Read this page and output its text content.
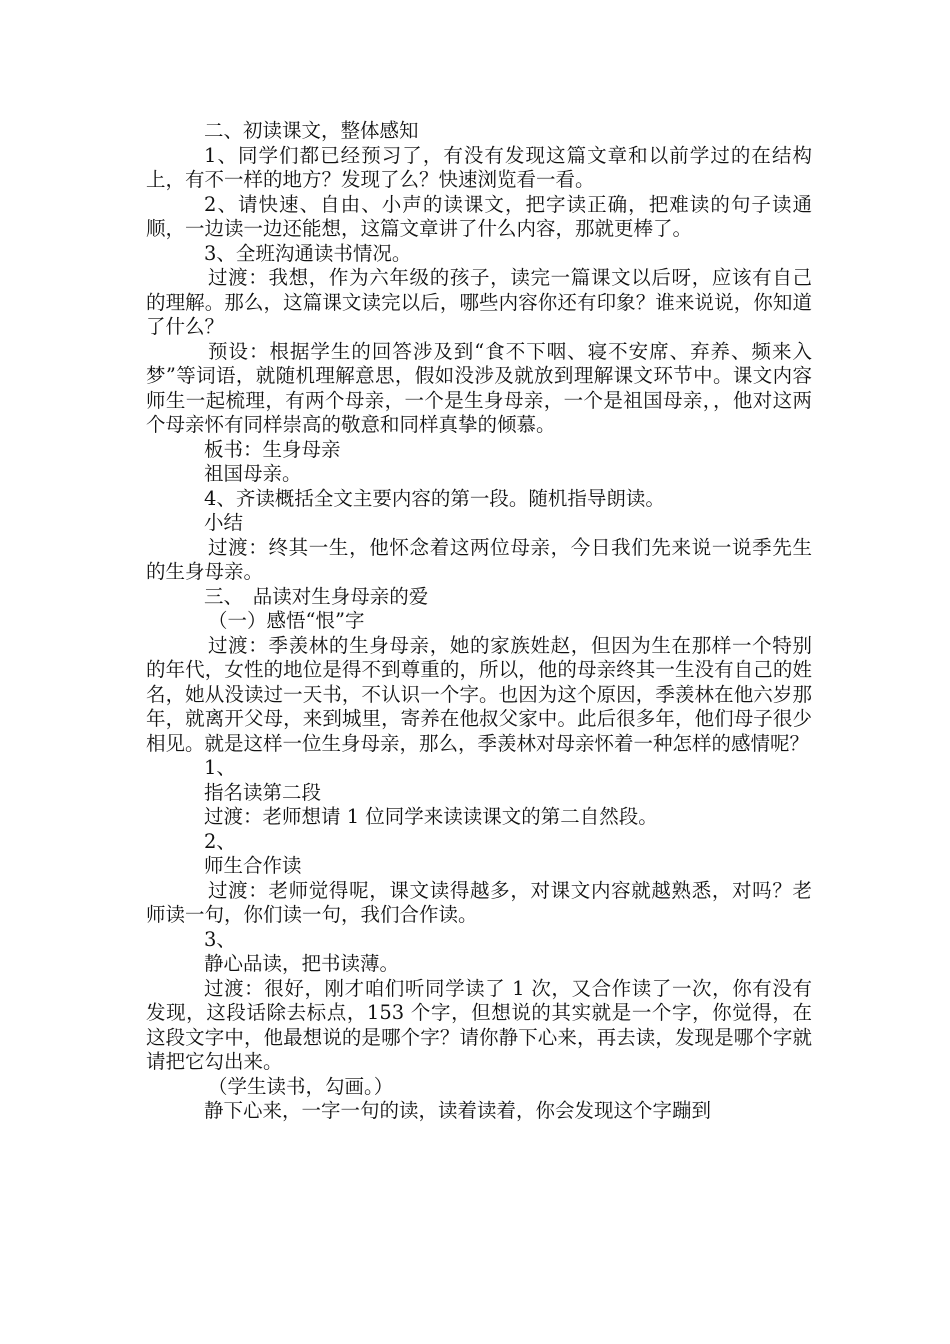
二、初读课文，整体感知

1、同学们都已经预习了，有没有发现这篇文章和以前学过的在结构上，有不一样的地方？发现了么？快速浏览看一看。

2、请快速、自由、小声的读课文，把字读正确，把难读的句子读通顺，一边读一边还能想，这篇文章讲了什么内容，那就更棒了。

3、全班沟通读书情况。

过渡：我想，作为六年级的孩子，读完一篇课文以后呀，应该有自己的理解。那么，这篇课文读完以后，哪些内容你还有印象？谁来说说，你知道了什么？

预设：根据学生的回答涉及到“食不下咽、寝不安席、弃养、频来入梦”等词语，就随机理解意思，假如没涉及就放到理解课文环节中。课文内容师生一起梳理，有两个母亲，一个是生身母亲，一个是祖国母亲，，他对这两个母亲怀有同样崇高的敬意和同样真挚的倾慕。

板书：生身母亲

祖国母亲。

4、齐读概括全文主要内容的第一段。随机指导朗读。

小结

过渡：终其一生，他怀念着这两位母亲，今日我们先来说一说季先生的生身母亲。

三、　品读对生身母亲的爱

（一）感悟“恨”字

过渡：季羡林的生身母亲，她的家族姓赵，但因为生在那样一个特别的年代，女性的地位是得不到尊重的，所以，他的母亲终其一生没有自己的姓名，她从没读过一天书，不认识一个字。也因为这个原因，季羡林在他六岁那年，就离开父母，来到城里，寄养在他叔父家中。此后很多年，他们母子很少相见。就是这样一位生身母亲，那么，季羡林对母亲怀着一种怎样的感情呢？

1、

指名读第二段

过渡：老师想请 1 位同学来读读课文的第二自然段。

2、

师生合作读

过渡：老师觉得呢，课文读得越多，对课文内容就越熟悉，对吗？老师读一句，你们读一句，我们合作读。

3、

静心品读，把书读薄。

过渡：很好，刚才咱们听同学读了 1 次，又合作读了一次，你有没有发现，这段话除去标点，153 个字，但想说的其实就是一个字，你觉得，在这段文字中，他最想说的是哪个字？请你静下心来，再去读，发现是哪个字就请把它勾出来。

（学生读书，勾画。）

静下心来，一字一句的读，读着读着，你会发现这个字蹦到
